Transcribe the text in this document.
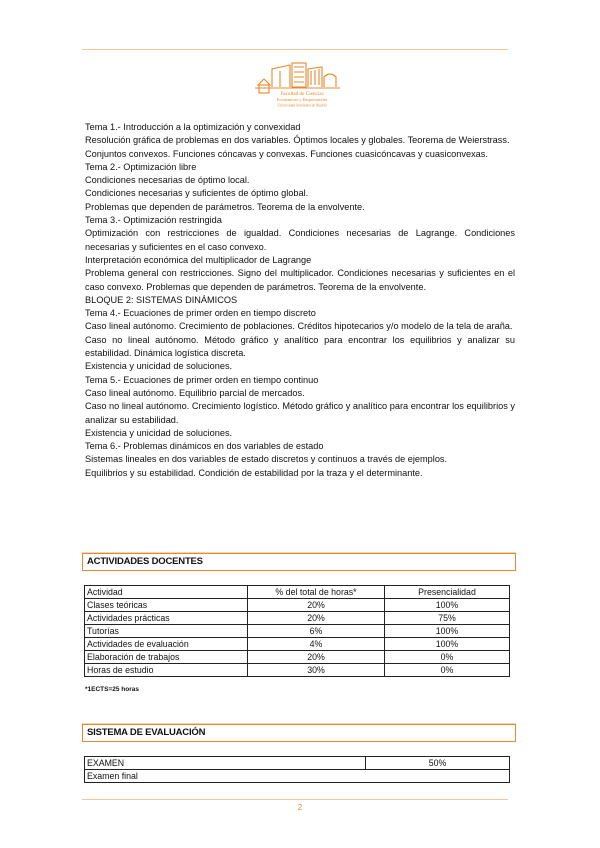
Facultad de Ciencias
Económicas y Empresariales
Universidad Autónoma de Madrid

Tema 1.- Introducción a la optimización y convexidad

Resolución gráfica de problemas en dos variables. Óptimos locales y globales. Teorema de Weierstrass.

Conjuntos convexos. Funciones cóncavas y convexas. Funciones cuasicóncavas y cuasiconvexas.

Tema 2.- Optimización libre

Condiciones necesarias de óptimo local.

Condiciones necesarias y suficientes de óptimo global.

Problemas que dependen de parámetros. Teorema de la envolvente.

Tema 3.- Optimización restringida

Optimización con restricciones de igualdad. Condiciones necesarias de Lagrange. Condiciones necesarias y suficientes en el caso convexo.

Interpretación económica del multiplicador de Lagrange

Problema general con restricciones. Signo del multiplicador. Condiciones necesarias y suficientes en el caso convexo. Problemas que dependen de parámetros. Teorema de la envolvente.

BLOQUE 2: SISTEMAS DINÁMICOS

Tema 4.- Ecuaciones de primer orden en tiempo discreto

Caso lineal autónomo. Crecimiento de poblaciones. Créditos hipotecarios y/o modelo de la tela de araña.

Caso no lineal autónomo. Método gráfico y analítico para encontrar los equilibrios y analizar su estabilidad. Dinámica logística discreta.

Existencia y unicidad de soluciones.

Tema 5.- Ecuaciones de primer orden en tiempo continuo

Caso lineal autónomo. Equilibrio parcial de mercados.

Caso no lineal autónomo. Crecimiento logístico. Método gráfico y analítico para encontrar los equilibrios y analizar su estabilidad.

Existencia y unicidad de soluciones.

Tema 6.- Problemas dinámicos en dos variables de estado

Sistemas lineales en dos variables de estado discretos y continuos a través de ejemplos.

Equilibrios y su estabilidad. Condición de estabilidad por la traza y el determinante.

ACTIVIDADES DOCENTES
Actividad	% del total de horas*	Presencialidad
Clases teóricas	20%	100%
Actividades prácticas	20%	75%
Tutorías	6%	100%
Actividades de evaluación	4%	100%
Elaboración de trabajos	20%	0%
Horas de estudio	30%	0%
*1ECTS=25 horas
SISTEMA DE EVALUACIÓN
EXAMEN	50%
Examen final
2
